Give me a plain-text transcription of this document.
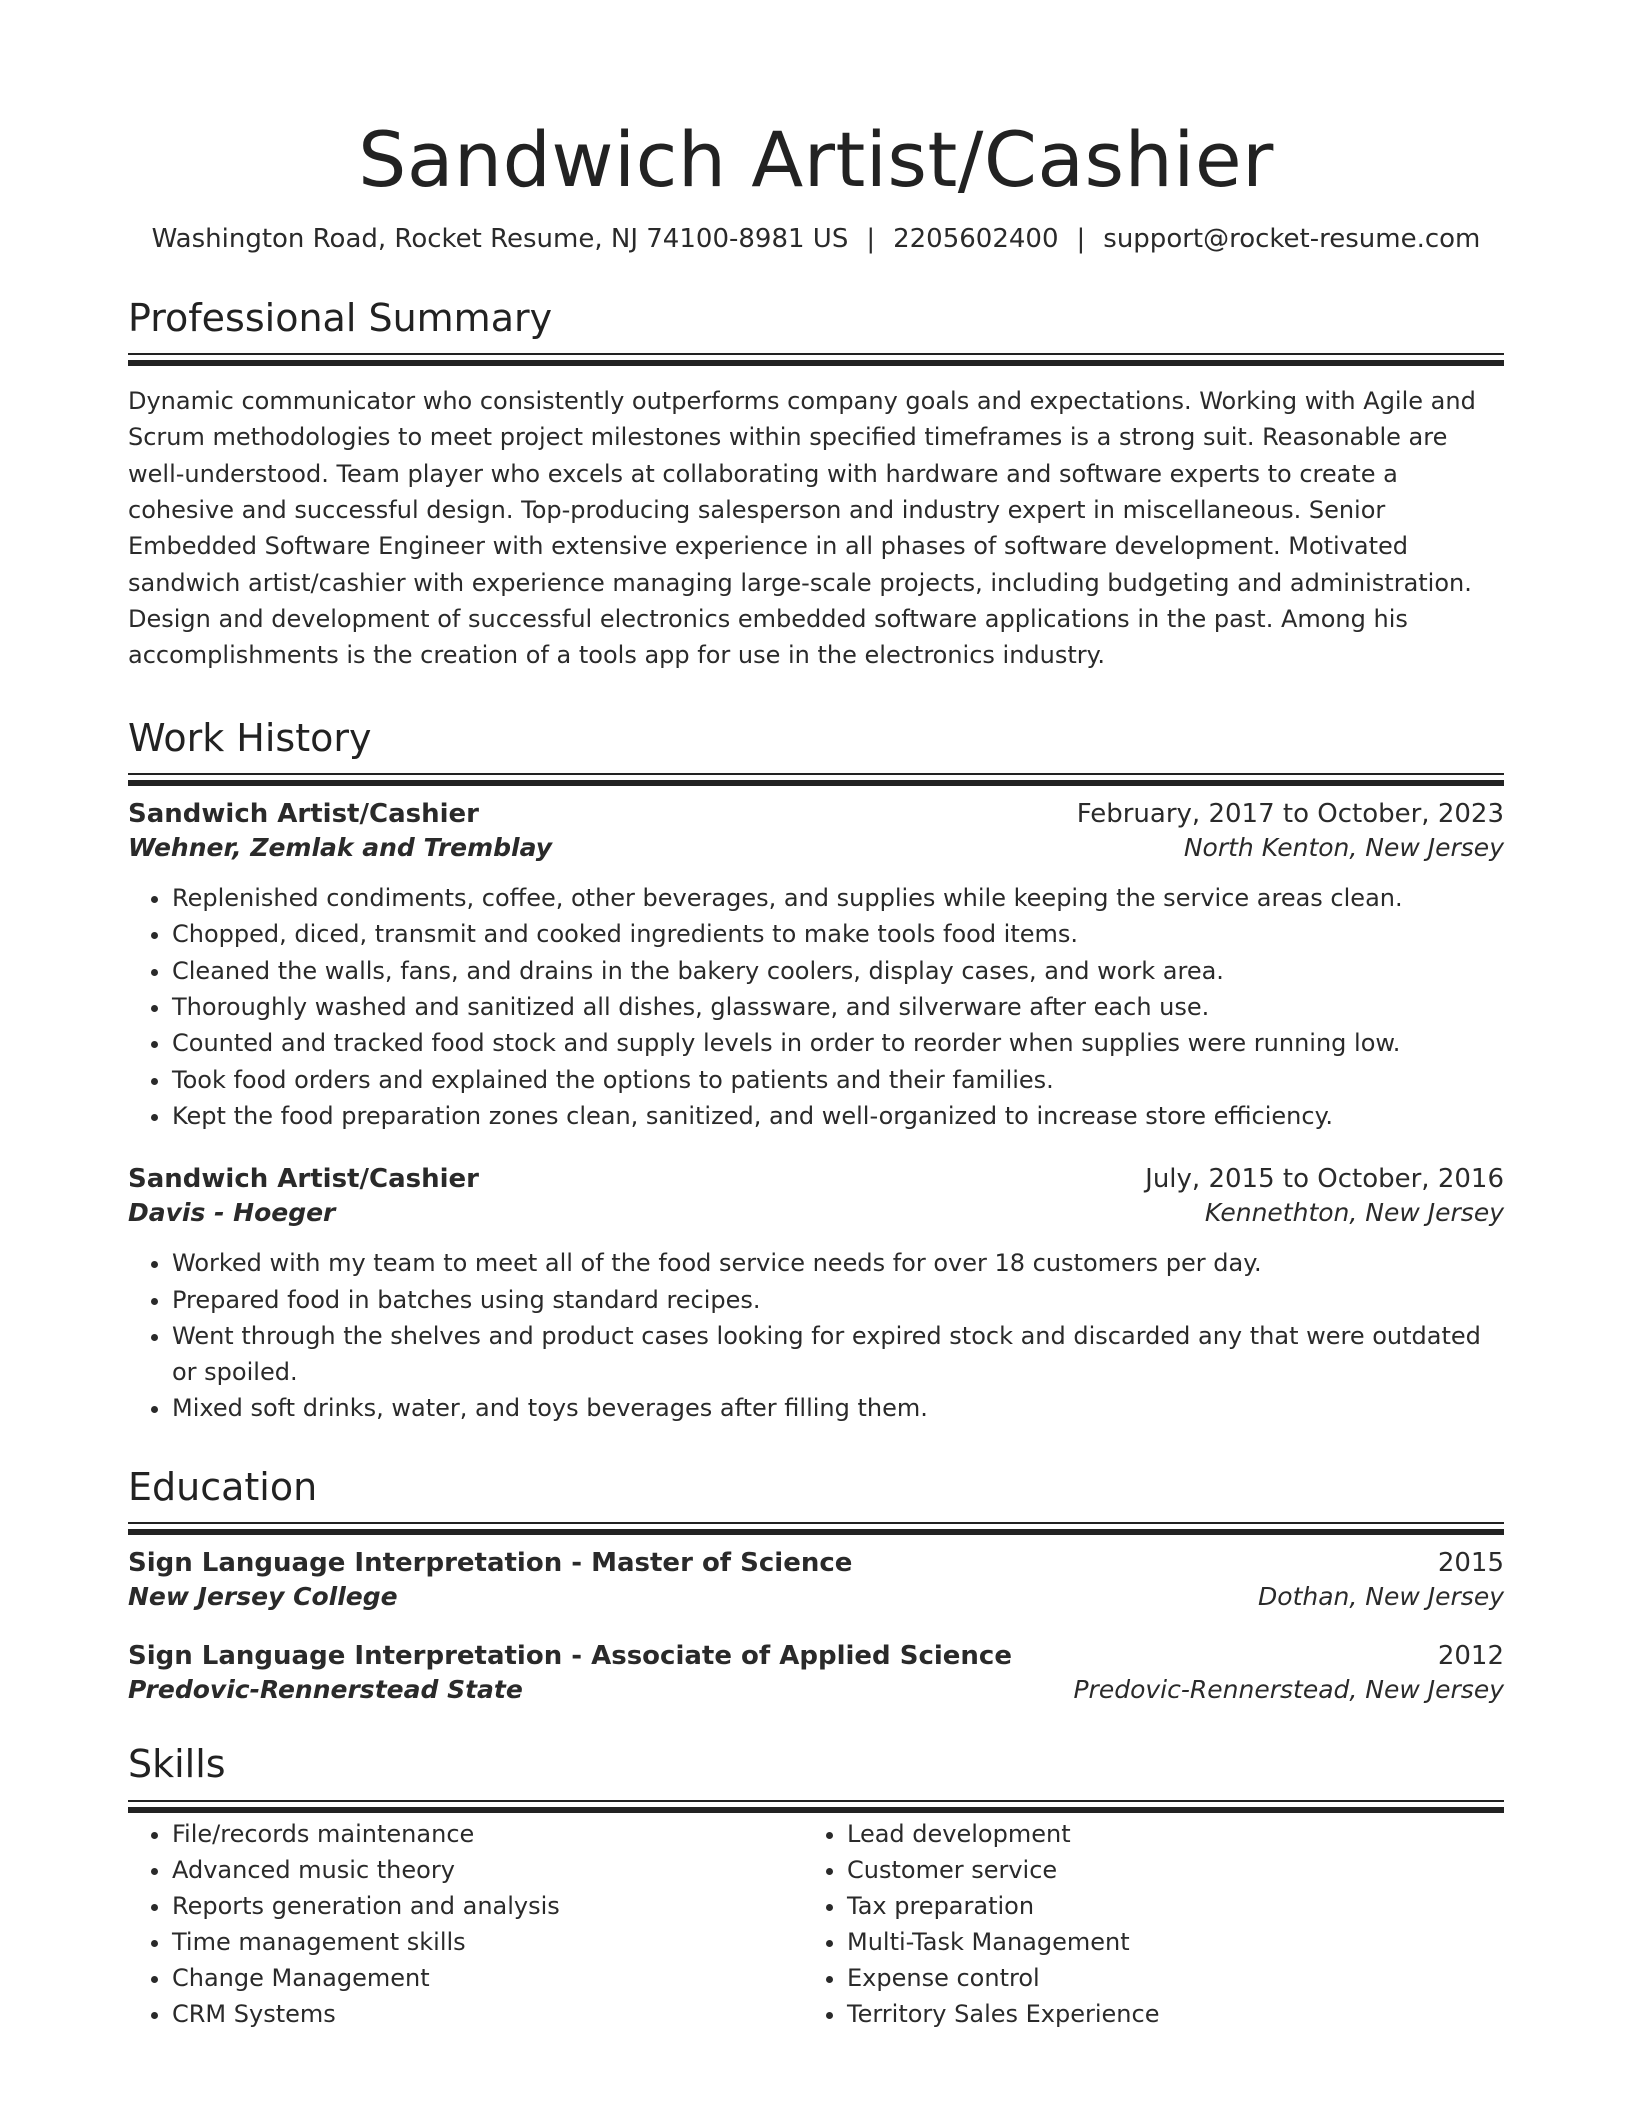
Sandwich Artist/Cashier
Washington Road, Rocket Resume, NJ 74100-8981 US | 2205602400 | support@rocket-resume.com
Professional Summary
Dynamic communicator who consistently outperforms company goals and expectations. Working with Agile and Scrum methodologies to meet project milestones within specified timeframes is a strong suit. Reasonable are well-understood. Team player who excels at collaborating with hardware and software experts to create a cohesive and successful design. Top-producing salesperson and industry expert in miscellaneous. Senior Embedded Software Engineer with extensive experience in all phases of software development. Motivated sandwich artist/cashier with experience managing large-scale projects, including budgeting and administration. Design and development of successful electronics embedded software applications in the past. Among his accomplishments is the creation of a tools app for use in the electronics industry.
Work History
Sandwich Artist/Cashier	February, 2017 to October, 2023
Wehner, Zemlak and Tremblay	North Kenton, New Jersey
• Replenished condiments, coffee, other beverages, and supplies while keeping the service areas clean.
• Chopped, diced, transmit and cooked ingredients to make tools food items.
• Cleaned the walls, fans, and drains in the bakery coolers, display cases, and work area.
• Thoroughly washed and sanitized all dishes, glassware, and silverware after each use.
• Counted and tracked food stock and supply levels in order to reorder when supplies were running low.
• Took food orders and explained the options to patients and their families.
• Kept the food preparation zones clean, sanitized, and well-organized to increase store efficiency.
Sandwich Artist/Cashier	July, 2015 to October, 2016
Davis - Hoeger	Kennethton, New Jersey
• Worked with my team to meet all of the food service needs for over 18 customers per day.
• Prepared food in batches using standard recipes.
• Went through the shelves and product cases looking for expired stock and discarded any that were outdated or spoiled.
• Mixed soft drinks, water, and toys beverages after filling them.
Education
Sign Language Interpretation - Master of Science	2015
New Jersey College	Dothan, New Jersey
Sign Language Interpretation - Associate of Applied Science	2012
Predovic-Rennerstead State	Predovic-Rennerstead, New Jersey
Skills
• File/records maintenance
• Advanced music theory
• Reports generation and analysis
• Time management skills
• Change Management
• CRM Systems
• Lead development
• Customer service
• Tax preparation
• Multi-Task Management
• Expense control
• Territory Sales Experience
